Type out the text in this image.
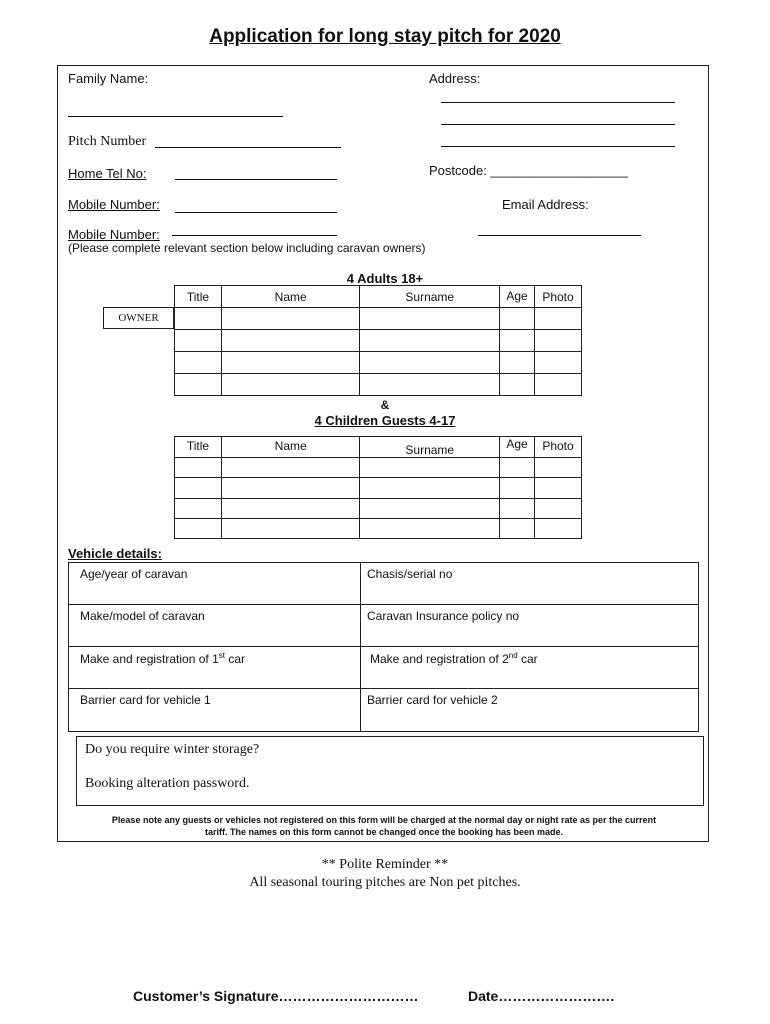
Application for long stay pitch for 2020
Family Name:	Address:
Pitch Number
Home Tel No:	Postcode: ___________________
Mobile Number:	Email Address:
Mobile Number:
(Please complete relevant section below including caravan owners)
4 Adults 18+
Title	Name	Surname	Age	Photo

OWNER
&
4 Children Guests 4-17
Title	Name	Surname	Age	Photo

Vehicle details:
Age/year of caravan	Chasis/serial no
Make/model of caravan	Caravan Insurance policy no
Make and registration of 1st car	Make and registration of 2nd car
Barrier card for vehicle 1	Barrier card for vehicle 2
Do you require winter storage?
Booking alteration password.
Please note any guests or vehicles not registered on this form will be charged at the normal day or night rate as per the current
tariff. The names on this form cannot be changed once the booking has been made.
** Polite Reminder **
All seasonal touring pitches are Non pet pitches.
Customer’s Signature…………………………	Date…………………….
